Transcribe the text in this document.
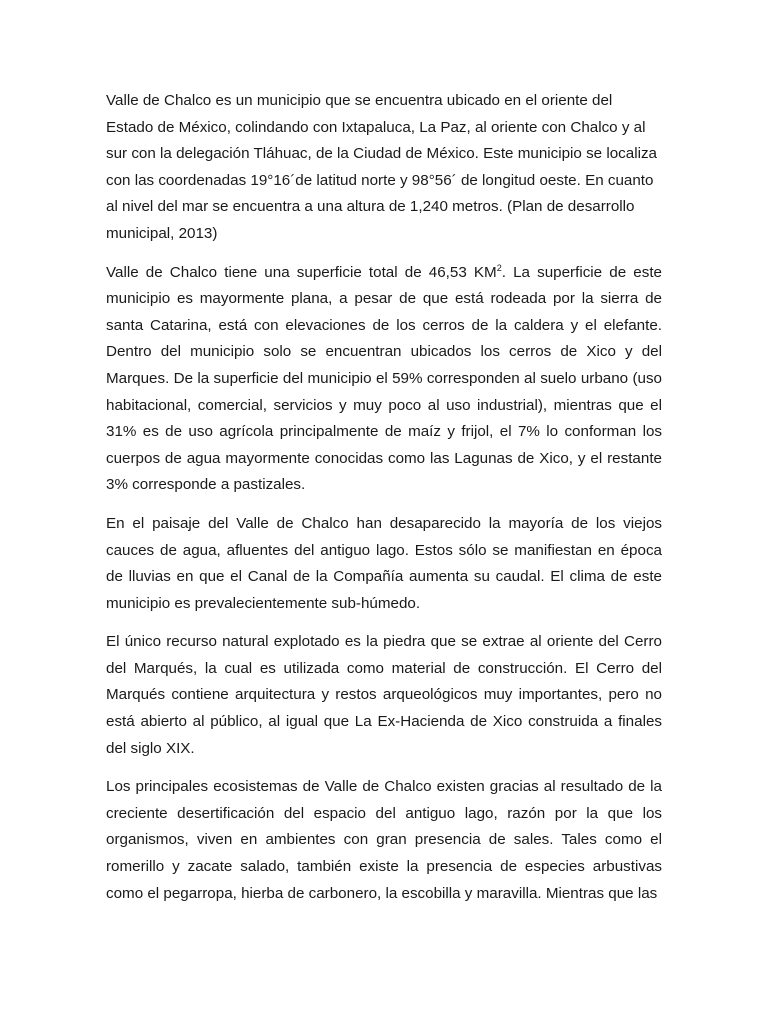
Valle de Chalco es un municipio que se encuentra ubicado en el oriente del Estado de México, colindando con Ixtapaluca, La Paz, al oriente con Chalco y al sur con la delegación Tláhuac, de la Ciudad de México. Este municipio se localiza con las coordenadas 19°16´de latitud norte y 98°56´ de longitud oeste. En cuanto al nivel del mar se encuentra a una altura de 1,240 metros. (Plan de desarrollo municipal, 2013)

Valle de Chalco tiene una superficie total de 46,53 $KM^2$. La superficie de este municipio es mayormente plana, a pesar de que está rodeada por la sierra de santa Catarina, está con elevaciones de los cerros de la caldera y el elefante. Dentro del municipio solo se encuentran ubicados los cerros de Xico y del Marques. De la superficie del municipio el 59% corresponden al suelo urbano (uso habitacional, comercial, servicios y muy poco al uso industrial), mientras que el 31% es de uso agrícola principalmente de maíz y frijol, el 7% lo conforman los cuerpos de agua mayormente conocidas como las Lagunas de Xico, y el restante 3% corresponde a pastizales.

En el paisaje del Valle de Chalco han desaparecido la mayoría de los viejos cauces de agua, afluentes del antiguo lago. Estos sólo se manifiestan en época de lluvias en que el Canal de la Compañía aumenta su caudal. El clima de este municipio es prevalecientemente sub-húmedo.

El único recurso natural explotado es la piedra que se extrae al oriente del Cerro del Marqués, la cual es utilizada como material de construcción. El Cerro del Marqués contiene arquitectura y restos arqueológicos muy importantes, pero no está abierto al público, al igual que La Ex-Hacienda de Xico construida a finales del siglo XIX.

Los principales ecosistemas de Valle de Chalco existen gracias al resultado de la creciente desertificación del espacio del antiguo lago, razón por la que los organismos, viven en ambientes con gran presencia de sales. Tales como el romerillo y zacate salado, también existe la presencia de especies arbustivas como el pegarropa, hierba de carbonero, la escobilla y maravilla. Mientras que las
